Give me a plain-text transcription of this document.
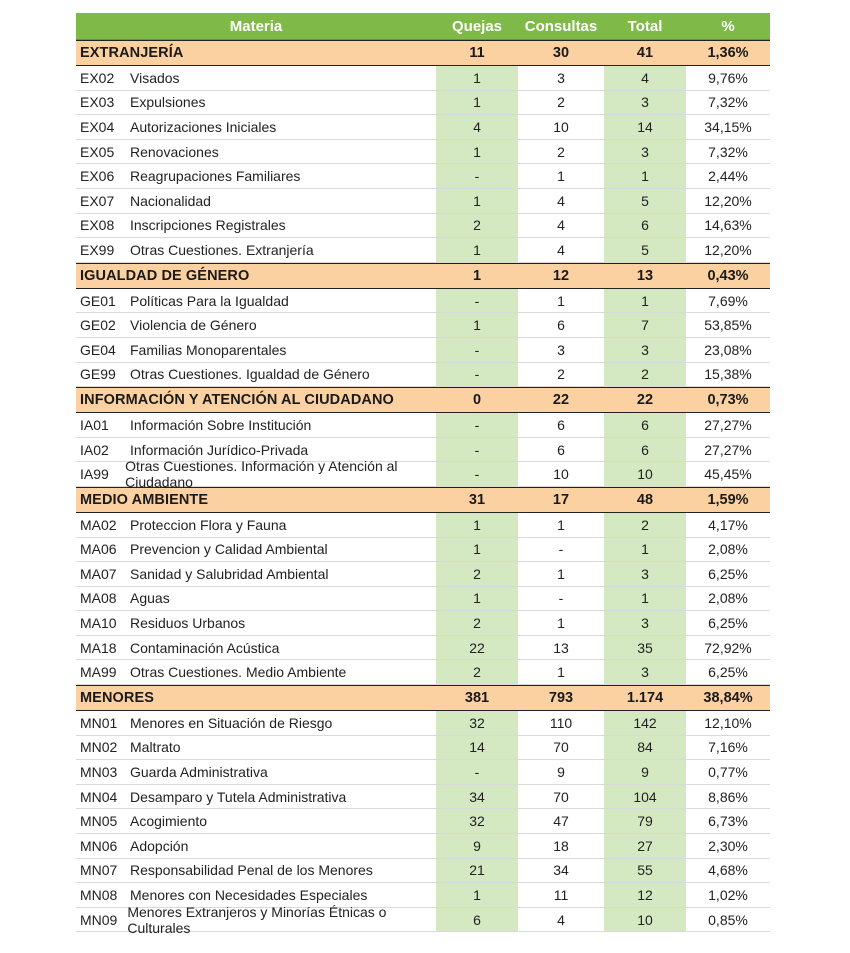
Materia	Quejas	Consultas	Total	%
EXTRANJERÍA	11	30	41	1,36%
EX02	Visados	1	3	4	9,76%
EX03	Expulsiones	1	2	3	7,32%
EX04	Autorizaciones Iniciales	4	10	14	34,15%
EX05	Renovaciones	1	2	3	7,32%
EX06	Reagrupaciones Familiares	-	1	1	2,44%
EX07	Nacionalidad	1	4	5	12,20%
EX08	Inscripciones Registrales	2	4	6	14,63%
EX99	Otras Cuestiones. Extranjería	1	4	5	12,20%
IGUALDAD DE GÉNERO	1	12	13	0,43%
GE01	Políticas Para la Igualdad	-	1	1	7,69%
GE02	Violencia de Género	1	6	7	53,85%
GE04	Familias Monoparentales	-	3	3	23,08%
GE99	Otras Cuestiones. Igualdad de Género	-	2	2	15,38%
INFORMACIÓN Y ATENCIÓN AL CIUDADANO	0	22	22	0,73%
IA01	Información Sobre Institución	-	6	6	27,27%
IA02	Información Jurídico-Privada	-	6	6	27,27%
IA99	Otras Cuestiones. Información y Atención al Ciudadano	-	10	10	45,45%
MEDIO AMBIENTE	31	17	48	1,59%
MA02 Proteccion Flora y Fauna	1	1	2	4,17%
MA06 Prevencion y Calidad Ambiental	1	-	1	2,08%
MA07 Sanidad y Salubridad Ambiental	2	1	3	6,25%
MA08 Aguas	1	-	1	2,08%
MA10 Residuos Urbanos	2	1	3	6,25%
MA18 Contaminación Acústica	22	13	35	72,92%
MA99 Otras Cuestiones. Medio Ambiente	2	1	3	6,25%
MENORES	381	793	1.174	38,84%
MN01 Menores en Situación de Riesgo	32	110	142	12,10%
MN02 Maltrato	14	70	84	7,16%
MN03 Guarda Administrativa	-	9	9	0,77%
MN04 Desamparo y Tutela Administrativa	34	70	104	8,86%
MN05 Acogimiento	32	47	79	6,73%
MN06 Adopción	9	18	27	2,30%
MN07 Responsabilidad Penal de los Menores	21	34	55	4,68%
MN08 Menores con Necesidades Especiales	1	11	12	1,02%
MN09 Menores Extranjeros y Minorías Étnicas o Culturales	6	4	10	0,85%
